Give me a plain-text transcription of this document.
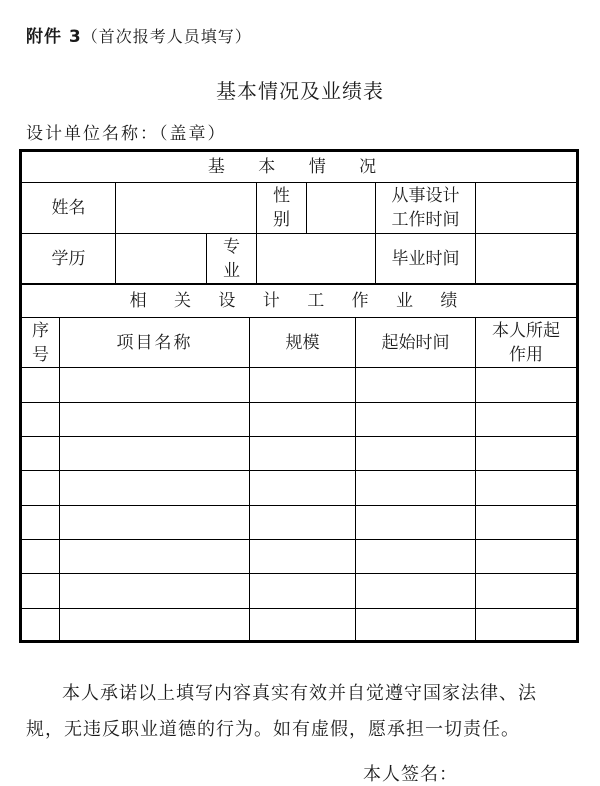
附件 3（首次报考人员填写）
基本情况及业绩表
设计单位名称：（盖章）
基 本 情 况
姓名
性别
从事设计工作时间
学历
专业
毕业时间
相 关 设 计 工 作 业 绩
序号
项目名称	规模	起始时间
本人所起作用
本人承诺以上填写内容真实有效并自觉遵守国家法律、法规，无违反职业道德的行为。如有虚假，愿承担一切责任。
本人签名：
